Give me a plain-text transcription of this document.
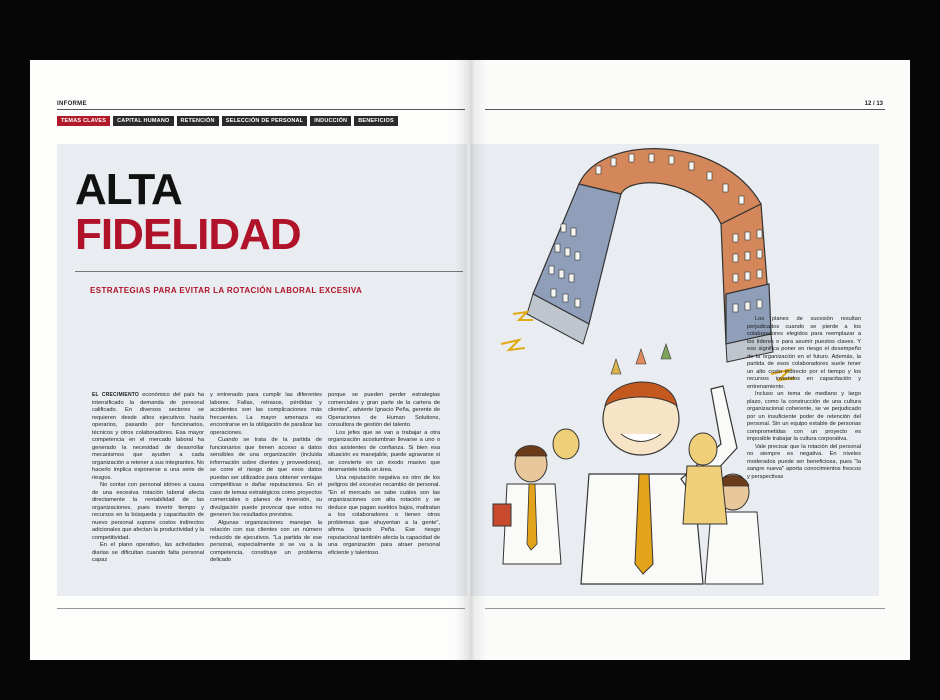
INFORME
TEMAS CLAVES	CAPITAL HUMANO	RETENCIÓN	SELECCIÓN DE PERSONAL	INDUCCIÓN	BENEFICIOS
ALTA
FIDELIDAD
ESTRATEGIAS PARA EVITAR LA ROTACIÓN LABORAL EXCESIVA

EL CRECIMIENTO económico del país ha intensificado la demanda de personal calificado. En diversos sectores se requieren desde altos ejecutivos hasta operarios, pasando por funcionarios, técnicos y otros colaboradores. Esa mayor competencia en el mercado laboral ha generado la necesidad de desarrollar mecanismos que ayuden a cada organización a retener a sus integrantes. No hacerlo implica exponerse a una serie de riesgos.

No contar con personal idóneo a causa de una excesiva rotación laboral afecta directamente la rentabilidad de las organizaciones, pues invertir tiempo y recursos en la búsqueda y capacitación de nuevo personal supone costos indirectos adicionales que afectan la productividad y la competitividad.

En el plano operativo, las actividades diarias se dificultan cuando falta personal capaz

y entrenado para cumplir las diferentes labores. Fallas, retrasos, pérdidas y accidentes son las complicaciones más frecuentes. La mayor amenaza es encontrarse en la obligación de paralizar las operaciones.

Cuando se trata de la partida de funcionarios que tienen acceso a datos sensibles de una organización (incluida información sobre clientes y proveedores), se corre el riesgo de que esos datos puedan ser utilizados para obtener ventajas competitivas o dañar reputaciones. En el caso de temas estratégicos como proyectos comerciales o planes de inversión, su divulgación puede provocar que estos no generen los resultados previstos.

Algunas organizaciones manejan la relación con sus clientes con un número reducido de ejecutivos. "La partida de ese personal, especialmente si se va a la competencia, constituye un problema delicado

porque se pueden perder estrategias comerciales y gran parte de la cartera de clientes", advierte Ignacio Peña, gerente de Operaciones de Human Solutions, consultora de gestión del talento.

Los jefes que se van a trabajar a otra organización acostumbran llevarse a uno o dos asistentes de confianza. Si bien esa situación es manejable, puede agravarse si se convierte en un éxodo masivo que desmantele toda un área.

Una reputación negativa es otro de los peligros del excesivo recambio de personal. "En el mercado se sabe cuáles son las organizaciones con alta rotación y se deduce que pagan sueldos bajos, maltratan a los colaboradores o tienen otros problemas que ahuyentan a la gente", afirma Ignacio Peña. Ese riesgo reputacional también afecta la capacidad de una organización para atraer personal eficiente y talentoso.

12 / 13

Los planes de sucesión resultan perjudicados cuando se pierde a los colaboradores elegidos para reemplazar a los líderes o para asumir puestos claves. Y eso significa poner en riesgo el desempeño de la organización en el futuro. Además, la partida de esos colaboradores suele tener un alto costo indirecto por el tiempo y los recursos invertidos en capacitación y entrenamiento.

Incluso un tema de mediano y largo plazo, como la construcción de una cultura organizacional coherente, se ve perjudicado por un insuficiente poder de retención del personal. Sin un equipo estable de personas comprometidas con un proyecto es imposible trabajar la cultura corporativa.

Vale precisar que la rotación del personal no siempre es negativa. En niveles moderados puede ser beneficiosa, pues "la sangre nueva" aporta conocimientos frescos y perspectivas
